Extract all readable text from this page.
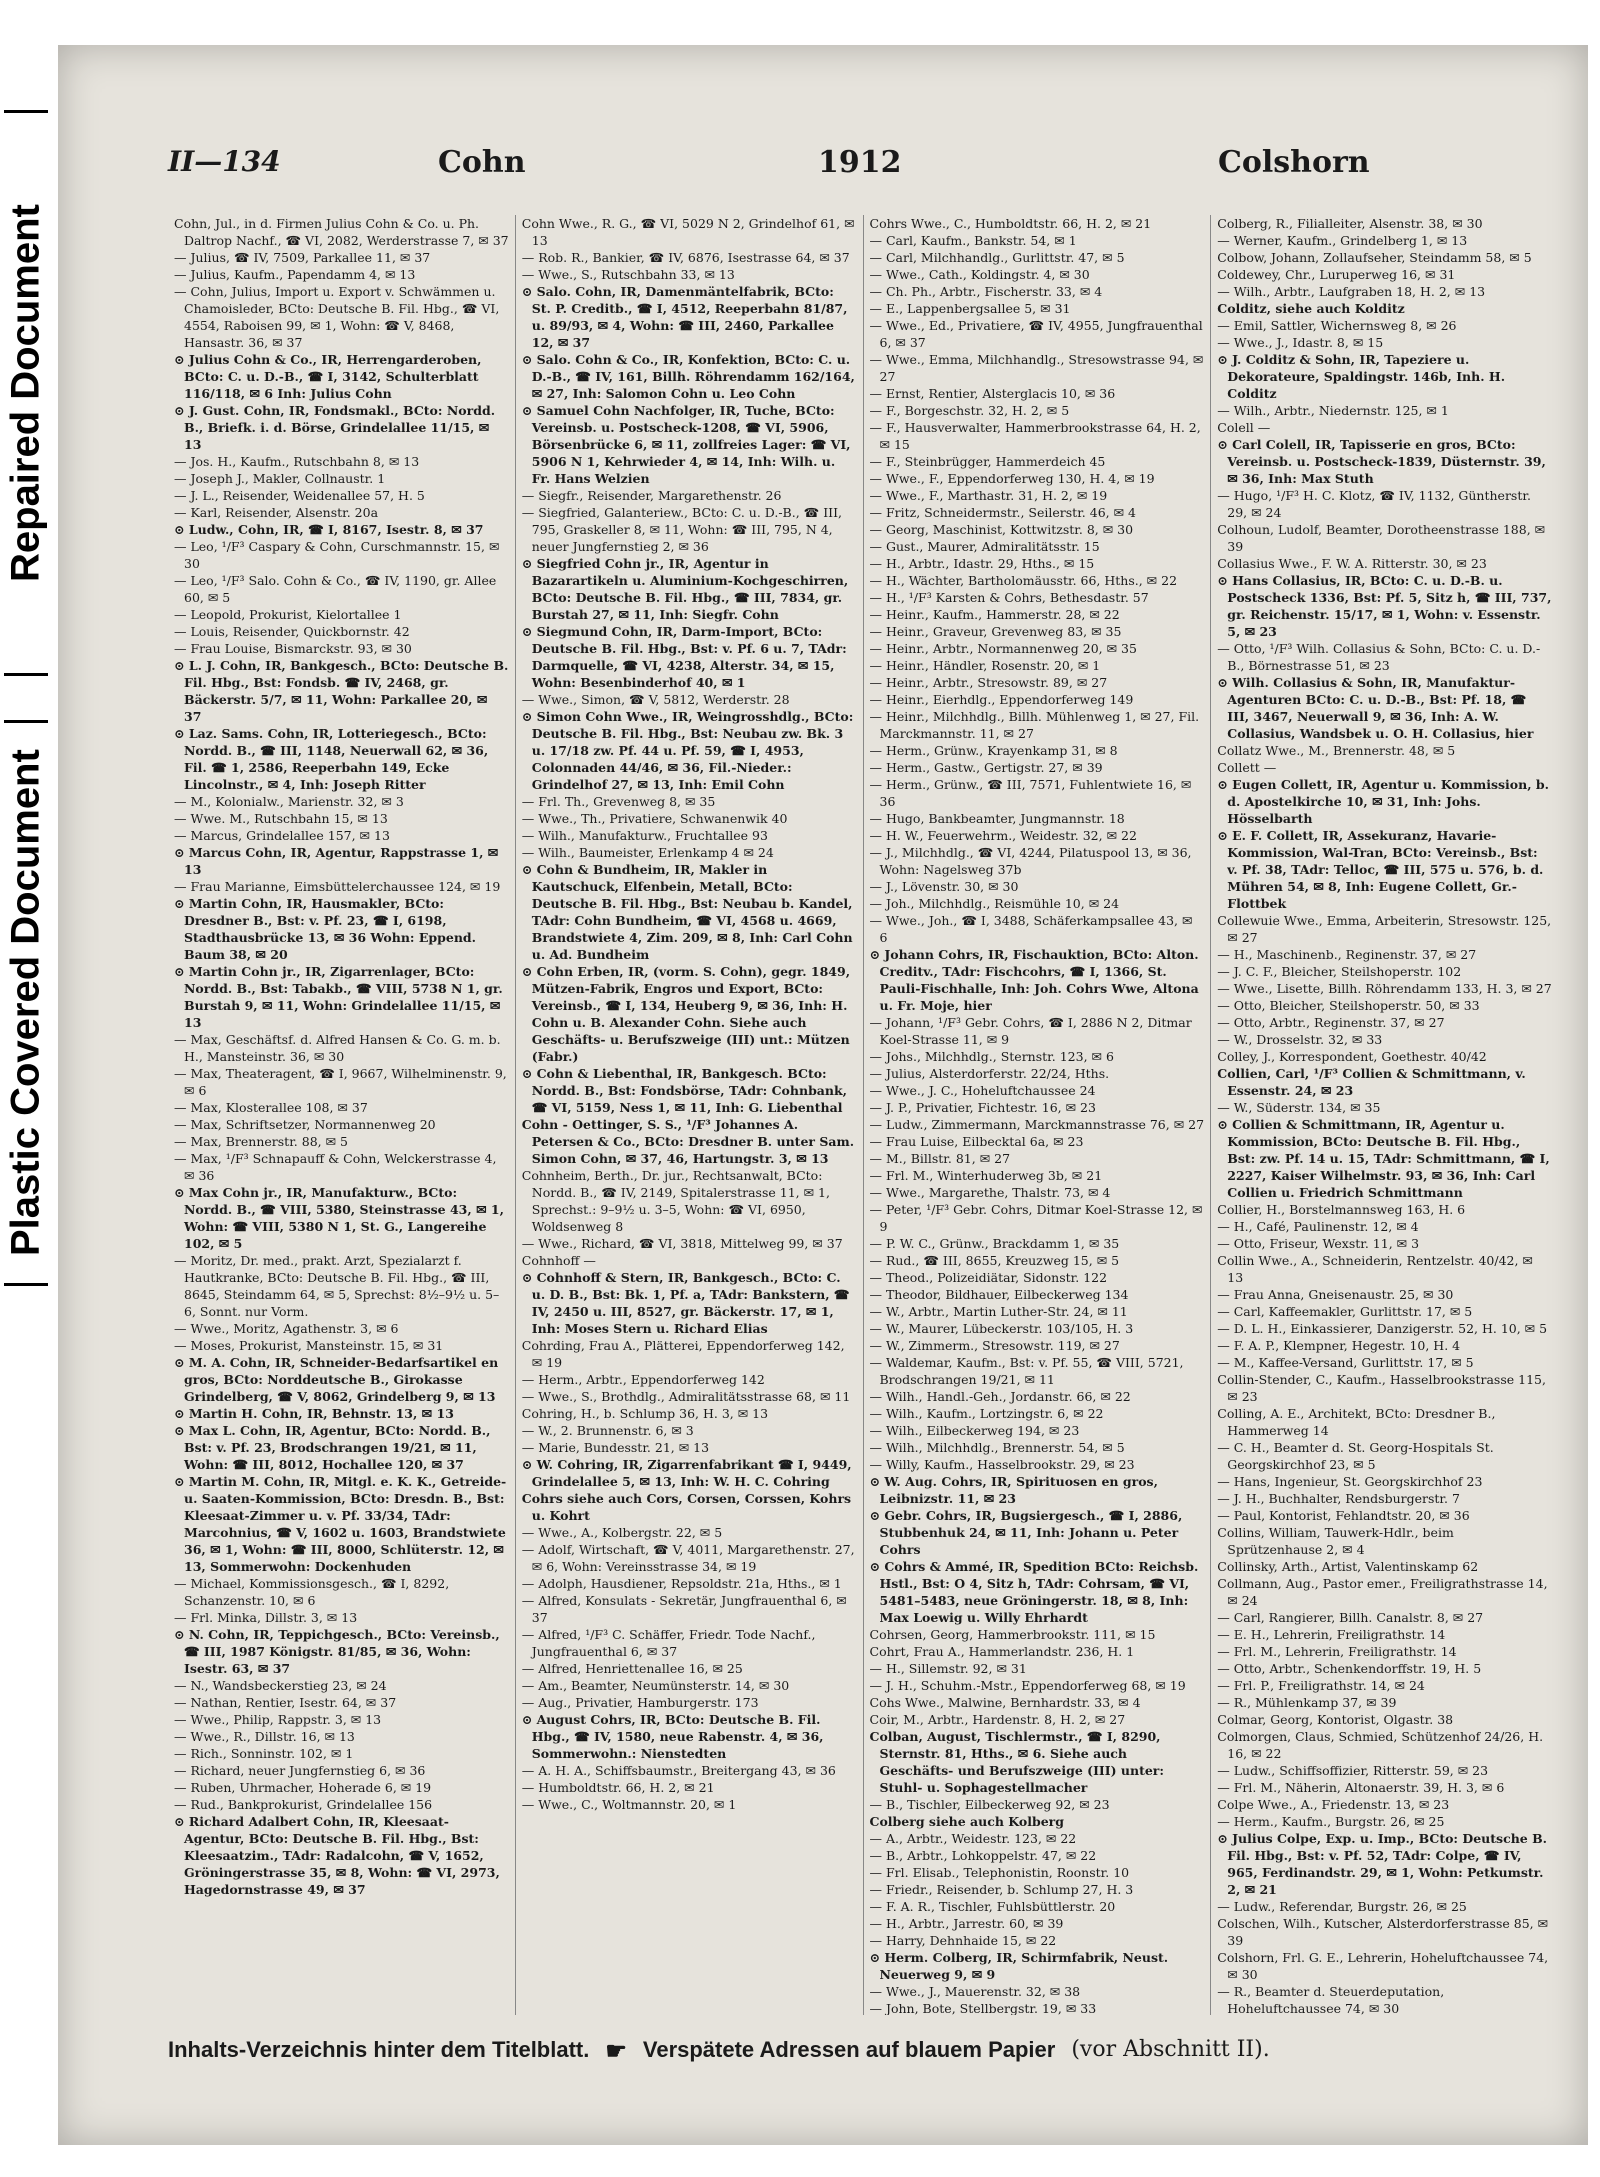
Repaired Document
Plastic Covered Document
II—134	Cohn	1912	Colshorn

Cohn, Jul., in d. Firmen Julius Cohn & Co. u. Ph. Daltrop Nachf., ☎ VI, 2082, Werderstrasse 7, ✉ 37

— Julius, ☎ IV, 7509, Parkallee 11, ✉ 37

— Julius, Kaufm., Papendamm 4, ✉ 13

— Cohn, Julius, Import u. Export v. Schwämmen u. Chamoisleder, BCto: Deutsche B. Fil. Hbg., ☎ VI, 4554, Raboisen 99, ✉ 1, Wohn: ☎ V, 8468, Hansastr. 36, ✉ 37

⊙ Julius Cohn & Co., IR, Herrengarderoben, BCto: C. u. D.-B., ☎ I, 3142, Schulterblatt 116/118, ✉ 6 Inh: Julius Cohn

⊙ J. Gust. Cohn, IR, Fondsmakl., BCto: Nordd. B., Briefk. i. d. Börse, Grindelallee 11/15, ✉ 13

— Jos. H., Kaufm., Rutschbahn 8, ✉ 13

— Joseph J., Makler, Collnaustr. 1

— J. L., Reisender, Weidenallee 57, H. 5

— Karl, Reisender, Alsenstr. 20a

⊙ Ludw., Cohn, IR, ☎ I, 8167, Isestr. 8, ✉ 37

— Leo, ¹/F³ Caspary & Cohn, Curschmannstr. 15, ✉ 30

— Leo, ¹/F³ Salo. Cohn & Co., ☎ IV, 1190, gr. Allee 60, ✉ 5

— Leopold, Prokurist, Kielortallee 1

— Louis, Reisender, Quickbornstr. 42

— Frau Louise, Bismarckstr. 93, ✉ 30

⊙ L. J. Cohn, IR, Bankgesch., BCto: Deutsche B. Fil. Hbg., Bst: Fondsb. ☎ IV, 2468, gr. Bäckerstr. 5/7, ✉ 11, Wohn: Parkallee 20, ✉ 37

⊙ Laz. Sams. Cohn, IR, Lotteriegesch., BCto: Nordd. B., ☎ III, 1148, Neuerwall 62, ✉ 36, Fil. ☎ 1, 2586, Reeperbahn 149, Ecke Lincolnstr., ✉ 4, Inh: Joseph Ritter

— M., Kolonialw., Marienstr. 32, ✉ 3

— Wwe. M., Rutschbahn 15, ✉ 13

— Marcus, Grindelallee 157, ✉ 13

⊙ Marcus Cohn, IR, Agentur, Rappstrasse 1, ✉ 13

— Frau Marianne, Eimsbüttelerchaussee 124, ✉ 19

⊙ Martin Cohn, IR, Hausmakler, BCto: Dresdner B., Bst: v. Pf. 23, ☎ I, 6198, Stadthausbrücke 13, ✉ 36 Wohn: Eppend. Baum 38, ✉ 20

⊙ Martin Cohn jr., IR, Zigarrenlager, BCto: Nordd. B., Bst: Tabakb., ☎ VIII, 5738 N 1, gr. Burstah 9, ✉ 11, Wohn: Grindelallee 11/15, ✉ 13

— Max, Geschäftsf. d. Alfred Hansen & Co. G. m. b. H., Mansteinstr. 36, ✉ 30

— Max, Theateragent, ☎ I, 9667, Wilhelminenstr. 9, ✉ 6

— Max, Klosterallee 108, ✉ 37

— Max, Schriftsetzer, Normannenweg 20

— Max, Brennerstr. 88, ✉ 5

— Max, ¹/F³ Schnapauff & Cohn, Welckerstrasse 4, ✉ 36

⊙ Max Cohn jr., IR, Manufakturw., BCto: Nordd. B., ☎ VIII, 5380, Steinstrasse 43, ✉ 1, Wohn: ☎ VIII, 5380 N 1, St. G., Langereihe 102, ✉ 5

— Moritz, Dr. med., prakt. Arzt, Spezialarzt f. Hautkranke, BCto: Deutsche B. Fil. Hbg., ☎ III, 8645, Steindamm 64, ✉ 5, Sprechst: 8½–9½ u. 5–6, Sonnt. nur Vorm.

— Wwe., Moritz, Agathenstr. 3, ✉ 6

— Moses, Prokurist, Mansteinstr. 15, ✉ 31

⊙ M. A. Cohn, IR, Schneider-Bedarfsartikel en gros, BCto: Norddeutsche B., Girokasse Grindelberg, ☎ V, 8062, Grindelberg 9, ✉ 13

⊙ Martin H. Cohn, IR, Behnstr. 13, ✉ 13

⊙ Max L. Cohn, IR, Agentur, BCto: Nordd. B., Bst: v. Pf. 23, Brodschrangen 19/21, ✉ 11, Wohn: ☎ III, 8012, Hochallee 120, ✉ 37

⊙ Martin M. Cohn, IR, Mitgl. e. K. K., Getreide- u. Saaten-Kommission, BCto: Dresdn. B., Bst: Kleesaat-Zimmer u. v. Pf. 33/34, TAdr: Marcohnius, ☎ V, 1602 u. 1603, Brandstwiete 36, ✉ 1, Wohn: ☎ III, 8000, Schlüterstr. 12, ✉ 13, Sommerwohn: Dockenhuden

— Michael, Kommissionsgesch., ☎ I, 8292, Schanzenstr. 10, ✉ 6

— Frl. Minka, Dillstr. 3, ✉ 13

⊙ N. Cohn, IR, Teppichgesch., BCto: Vereinsb., ☎ III, 1987 Königstr. 81/85, ✉ 36, Wohn: Isestr. 63, ✉ 37

— N., Wandsbeckerstieg 23, ✉ 24

— Nathan, Rentier, Isestr. 64, ✉ 37

— Wwe., Philip, Rappstr. 3, ✉ 13

— Wwe., R., Dillstr. 16, ✉ 13

— Rich., Sonninstr. 102, ✉ 1

— Richard, neuer Jungfernstieg 6, ✉ 36

— Ruben, Uhrmacher, Hoherade 6, ✉ 19

— Rud., Bankprokurist, Grindelallee 156

⊙ Richard Adalbert Cohn, IR, Kleesaat-Agentur, BCto: Deutsche B. Fil. Hbg., Bst: Kleesaatzim., TAdr: Radalcohn, ☎ V, 1652, Gröningerstrasse 35, ✉ 8, Wohn: ☎ VI, 2973, Hagedornstrasse 49, ✉ 37

Cohn Wwe., R. G., ☎ VI, 5029 N 2, Grindelhof 61, ✉ 13

— Rob. R., Bankier, ☎ IV, 6876, Isestrasse 64, ✉ 37

— Wwe., S., Rutschbahn 33, ✉ 13

⊙ Salo. Cohn, IR, Damenmäntelfabrik, BCto: St. P. Creditb., ☎ I, 4512, Reeperbahn 81/87, u. 89/93, ✉ 4, Wohn: ☎ III, 2460, Parkallee 12, ✉ 37

⊙ Salo. Cohn & Co., IR, Konfektion, BCto: C. u. D.-B., ☎ IV, 161, Billh. Röhrendamm 162/164, ✉ 27, Inh: Salomon Cohn u. Leo Cohn

⊙ Samuel Cohn Nachfolger, IR, Tuche, BCto: Vereinsb. u. Postscheck-1208, ☎ VI, 5906, Börsenbrücke 6, ✉ 11, zollfreies Lager: ☎ VI, 5906 N 1, Kehrwieder 4, ✉ 14, Inh: Wilh. u. Fr. Hans Welzien

— Siegfr., Reisender, Margarethenstr. 26

— Siegfried, Galanteriew., BCto: C. u. D.-B., ☎ III, 795, Graskeller 8, ✉ 11, Wohn: ☎ III, 795, N 4, neuer Jungfernstieg 2, ✉ 36

⊙ Siegfried Cohn jr., IR, Agentur in Bazarartikeln u. Aluminium-Kochgeschirren, BCto: Deutsche B. Fil. Hbg., ☎ III, 7834, gr. Burstah 27, ✉ 11, Inh: Siegfr. Cohn

⊙ Siegmund Cohn, IR, Darm-Import, BCto: Deutsche B. Fil. Hbg., Bst: v. Pf. 6 u. 7, TAdr: Darmquelle, ☎ VI, 4238, Alterstr. 34, ✉ 15, Wohn: Besenbinderhof 40, ✉ 1

— Wwe., Simon, ☎ V, 5812, Werderstr. 28

⊙ Simon Cohn Wwe., IR, Weingrosshdlg., BCto: Deutsche B. Fil. Hbg., Bst: Neubau zw. Bk. 3 u. 17/18 zw. Pf. 44 u. Pf. 59, ☎ I, 4953, Colonnaden 44/46, ✉ 36, Fil.-Nieder.: Grindelhof 27, ✉ 13, Inh: Emil Cohn

— Frl. Th., Grevenweg 8, ✉ 35

— Wwe., Th., Privatiere, Schwanenwik 40

— Wilh., Manufakturw., Fruchtallee 93

— Wilh., Baumeister, Erlenkamp 4 ✉ 24

⊙ Cohn & Bundheim, IR, Makler in Kautschuck, Elfenbein, Metall, BCto: Deutsche B. Fil. Hbg., Bst: Neubau b. Kandel, TAdr: Cohn Bundheim, ☎ VI, 4568 u. 4669, Brandstwiete 4, Zim. 209, ✉ 8, Inh: Carl Cohn u. Ad. Bundheim

⊙ Cohn Erben, IR, (vorm. S. Cohn), gegr. 1849, Mützen-Fabrik, Engros und Export, BCto: Vereinsb., ☎ I, 134, Heuberg 9, ✉ 36, Inh: H. Cohn u. B. Alexander Cohn. Siehe auch Geschäfts- u. Berufszweige (III) unt.: Mützen (Fabr.)

⊙ Cohn & Liebenthal, IR, Bankgesch. BCto: Nordd. B., Bst: Fondsbörse, TAdr: Cohnbank, ☎ VI, 5159, Ness 1, ✉ 11, Inh: G. Liebenthal

Cohn - Oettinger, S. S., ¹/F³ Johannes A. Petersen & Co., BCto: Dresdner B. unter Sam. Simon Cohn, ✉ 37, 46, Hartungstr. 3, ✉ 13

Cohnheim, Berth., Dr. jur., Rechtsanwalt, BCto: Nordd. B., ☎ IV, 2149, Spitalerstrasse 11, ✉ 1, Sprechst.: 9–9½ u. 3–5, Wohn: ☎ VI, 6950, Woldsenweg 8

— Wwe., Richard, ☎ VI, 3818, Mittelweg 99, ✉ 37

Cohnhoff —

⊙ Cohnhoff & Stern, IR, Bankgesch., BCto: C. u. D. B., Bst: Bk. 1, Pf. a, TAdr: Bankstern, ☎ IV, 2450 u. III, 8527, gr. Bäckerstr. 17, ✉ 1, Inh: Moses Stern u. Richard Elias

Cohrding, Frau A., Plätterei, Eppendorferweg 142, ✉ 19

— Herm., Arbtr., Eppendorferweg 142

— Wwe., S., Brothdlg., Admiralitätsstrasse 68, ✉ 11

Cohring, H., b. Schlump 36, H. 3, ✉ 13

— W., 2. Brunnenstr. 6, ✉ 3

— Marie, Bundesstr. 21, ✉ 13

⊙ W. Cohring, IR, Zigarrenfabrikant ☎ I, 9449, Grindelallee 5, ✉ 13, Inh: W. H. C. Cohring

Cohrs siehe auch Cors, Corsen, Corssen, Kohrs u. Kohrt

— Wwe., A., Kolbergstr. 22, ✉ 5

— Adolf, Wirtschaft, ☎ V, 4011, Margarethenstr. 27, ✉ 6, Wohn: Vereinsstrasse 34, ✉ 19

— Adolph, Hausdiener, Repsoldstr. 21a, Hths., ✉ 1

— Alfred, Konsulats - Sekretär, Jungfrauenthal 6, ✉ 37

— Alfred, ¹/F³ C. Schäffer, Friedr. Tode Nachf., Jungfrauenthal 6, ✉ 37

— Alfred, Henriettenallee 16, ✉ 25

— Am., Beamter, Neumünsterstr. 14, ✉ 30

— Aug., Privatier, Hamburgerstr. 173

⊙ August Cohrs, IR, BCto: Deutsche B. Fil. Hbg., ☎ IV, 1580, neue Rabenstr. 4, ✉ 36, Sommerwohn.: Nienstedten

— A. H. A., Schiffsbaumstr., Breitergang 43, ✉ 36

— Humboldtstr. 66, H. 2, ✉ 21

— Wwe., C., Woltmannstr. 20, ✉ 1

Cohrs Wwe., C., Humboldtstr. 66, H. 2, ✉ 21

— Carl, Kaufm., Bankstr. 54, ✉ 1

— Carl, Milchhandlg., Gurlittstr. 47, ✉ 5

— Wwe., Cath., Koldingstr. 4, ✉ 30

— Ch. Ph., Arbtr., Fischerstr. 33, ✉ 4

— E., Lappenbergsallee 5, ✉ 31

— Wwe., Ed., Privatiere, ☎ IV, 4955, Jungfrauenthal 6, ✉ 37

— Wwe., Emma, Milchhandlg., Stresowstrasse 94, ✉ 27

— Ernst, Rentier, Alsterglacis 10, ✉ 36

— F., Borgeschstr. 32, H. 2, ✉ 5

— F., Hausverwalter, Hammerbrookstrasse 64, H. 2, ✉ 15

— F., Steinbrügger, Hammerdeich 45

— Wwe., F., Eppendorferweg 130, H. 4, ✉ 19

— Wwe., F., Marthastr. 31, H. 2, ✉ 19

— Fritz, Schneidermstr., Seilerstr. 46, ✉ 4

— Georg, Maschinist, Kottwitzstr. 8, ✉ 30

— Gust., Maurer, Admiralitätsstr. 15

— H., Arbtr., Idastr. 29, Hths., ✉ 15

— H., Wächter, Bartholomäusstr. 66, Hths., ✉ 22

— H., ¹/F³ Karsten & Cohrs, Bethesdastr. 57

— Heinr., Kaufm., Hammerstr. 28, ✉ 22

— Heinr., Graveur, Grevenweg 83, ✉ 35

— Heinr., Arbtr., Normannenweg 20, ✉ 35

— Heinr., Händler, Rosenstr. 20, ✉ 1

— Heinr., Arbtr., Stresowstr. 89, ✉ 27

— Heinr., Eierhdlg., Eppendorferweg 149

— Heinr., Milchhdlg., Billh. Mühlenweg 1, ✉ 27, Fil. Marckmannstr. 11, ✉ 27

— Herm., Grünw., Krayenkamp 31, ✉ 8

— Herm., Gastw., Gertigstr. 27, ✉ 39

— Herm., Grünw., ☎ III, 7571, Fuhlentwiete 16, ✉ 36

— Hugo, Bankbeamter, Jungmannstr. 18

— H. W., Feuerwehrm., Weidestr. 32, ✉ 22

— J., Milchhdlg., ☎ VI, 4244, Pilatuspool 13, ✉ 36, Wohn: Nagelsweg 37b

— J., Lövenstr. 30, ✉ 30

— Joh., Milchhdlg., Reismühle 10, ✉ 24

— Wwe., Joh., ☎ I, 3488, Schäferkampsallee 43, ✉ 6

⊙ Johann Cohrs, IR, Fischauktion, BCto: Alton. Creditv., TAdr: Fischcohrs, ☎ I, 1366, St. Pauli-Fischhalle, Inh: Joh. Cohrs Wwe, Altona u. Fr. Moje, hier

— Johann, ¹/F³ Gebr. Cohrs, ☎ I, 2886 N 2, Ditmar Koel-Strasse 11, ✉ 9

— Johs., Milchhdlg., Sternstr. 123, ✉ 6

— Julius, Alsterdorferstr. 22/24, Hths.

— Wwe., J. C., Hoheluftchaussee 24

— J. P., Privatier, Fichtestr. 16, ✉ 23

— Ludw., Zimmermann, Marckmannstrasse 76, ✉ 27

— Frau Luise, Eilbecktal 6a, ✉ 23

— M., Billstr. 81, ✉ 27

— Frl. M., Winterhuderweg 3b, ✉ 21

— Wwe., Margarethe, Thalstr. 73, ✉ 4

— Peter, ¹/F³ Gebr. Cohrs, Ditmar Koel-Strasse 12, ✉ 9

— P. W. C., Grünw., Brackdamm 1, ✉ 35

— Rud., ☎ III, 8655, Kreuzweg 15, ✉ 5

— Theod., Polizeidiätar, Sidonstr. 122

— Theodor, Bildhauer, Eilbeckerweg 134

— W., Arbtr., Martin Luther-Str. 24, ✉ 11

— W., Maurer, Lübeckerstr. 103/105, H. 3

— W., Zimmerm., Stresowstr. 119, ✉ 27

— Waldemar, Kaufm., Bst: v. Pf. 55, ☎ VIII, 5721, Brodschrangen 19/21, ✉ 11

— Wilh., Handl.-Geh., Jordanstr. 66, ✉ 22

— Wilh., Kaufm., Lortzingstr. 6, ✉ 22

— Wilh., Eilbeckerweg 194, ✉ 23

— Wilh., Milchhdlg., Brennerstr. 54, ✉ 5

— Willy, Kaufm., Hasselbrookstr. 29, ✉ 23

⊙ W. Aug. Cohrs, IR, Spirituosen en gros, Leibnizstr. 11, ✉ 23

⊙ Gebr. Cohrs, IR, Bugsiergesch., ☎ I, 2886, Stubbenhuk 24, ✉ 11, Inh: Johann u. Peter Cohrs

⊙ Cohrs & Ammé, IR, Spedition BCto: Reichsb. Hstl., Bst: O 4, Sitz h, TAdr: Cohrsam, ☎ VI, 5481–5483, neue Gröningerstr. 18, ✉ 8, Inh: Max Loewig u. Willy Ehrhardt

Cohrsen, Georg, Hammerbrookstr. 111, ✉ 15

Cohrt, Frau A., Hammerlandstr. 236, H. 1

— H., Sillemstr. 92, ✉ 31

— J. H., Schuhm.-Mstr., Eppendorferweg 68, ✉ 19

Cohs Wwe., Malwine, Bernhardstr. 33, ✉ 4

Coir, M., Arbtr., Hardenstr. 8, H. 2, ✉ 27

Colban, August, Tischlermstr., ☎ I, 8290, Sternstr. 81, Hths., ✉ 6. Siehe auch Geschäfts- und Berufszweige (III) unter: Stuhl- u. Sophagestellmacher

— B., Tischler, Eilbeckerweg 92, ✉ 23

Colberg siehe auch Kolberg

— A., Arbtr., Weidestr. 123, ✉ 22

— B., Arbtr., Lohkoppelstr. 47, ✉ 22

— Frl. Elisab., Telephonistin, Roonstr. 10

— Friedr., Reisender, b. Schlump 27, H. 3

— F. A. R., Tischler, Fuhlsbüttlerstr. 20

— H., Arbtr., Jarrestr. 60, ✉ 39

— Harry, Dehnhaide 15, ✉ 22

⊙ Herm. Colberg, IR, Schirmfabrik, Neust. Neuerweg 9, ✉ 9

— Wwe., J., Mauerenstr. 32, ✉ 38

— John, Bote, Stellbergstr. 19, ✉ 33

Colberg, R., Filialleiter, Alsenstr. 38, ✉ 30

— Werner, Kaufm., Grindelberg 1, ✉ 13

Colbow, Johann, Zollaufseher, Steindamm 58, ✉ 5

Coldewey, Chr., Luruperweg 16, ✉ 31

— Wilh., Arbtr., Laufgraben 18, H. 2, ✉ 13

Colditz, siehe auch Kolditz

— Emil, Sattler, Wichernsweg 8, ✉ 26

— Wwe., J., Idastr. 8, ✉ 15

⊙ J. Colditz & Sohn, IR, Tapeziere u. Dekorateure, Spaldingstr. 146b, Inh. H. Colditz

— Wilh., Arbtr., Niedernstr. 125, ✉ 1

Colell —

⊙ Carl Colell, IR, Tapisserie en gros, BCto: Vereinsb. u. Postscheck-1839, Düsternstr. 39, ✉ 36, Inh: Max Stuth

— Hugo, ¹/F³ H. C. Klotz, ☎ IV, 1132, Güntherstr. 29, ✉ 24

Colhoun, Ludolf, Beamter, Dorotheenstrasse 188, ✉ 39

Collasius Wwe., F. W. A. Ritterstr. 30, ✉ 23

⊙ Hans Collasius, IR, BCto: C. u. D.-B. u. Postscheck 1336, Bst: Pf. 5, Sitz h, ☎ III, 737, gr. Reichenstr. 15/17, ✉ 1, Wohn: v. Essenstr. 5, ✉ 23

— Otto, ¹/F³ Wilh. Collasius & Sohn, BCto: C. u. D.-B., Börnestrasse 51, ✉ 23

⊙ Wilh. Collasius & Sohn, IR, Manufaktur-Agenturen BCto: C. u. D.-B., Bst: Pf. 18, ☎ III, 3467, Neuerwall 9, ✉ 36, Inh: A. W. Collasius, Wandsbek u. O. H. Collasius, hier

Collatz Wwe., M., Brennerstr. 48, ✉ 5

Collett —

⊙ Eugen Collett, IR, Agentur u. Kommission, b. d. Apostelkirche 10, ✉ 31, Inh: Johs. Hösselbarth

⊙ E. F. Collett, IR, Assekuranz, Havarie-Kommission, Wal-Tran, BCto: Vereinsb., Bst: v. Pf. 38, TAdr: Telloc, ☎ III, 575 u. 576, b. d. Mühren 54, ✉ 8, Inh: Eugene Collett, Gr.-Flottbek

Collewuie Wwe., Emma, Arbeiterin, Stresowstr. 125, ✉ 27

— H., Maschinenb., Reginenstr. 37, ✉ 27

— J. C. F., Bleicher, Steilshoperstr. 102

— Wwe., Lisette, Billh. Röhrendamm 133, H. 3, ✉ 27

— Otto, Bleicher, Steilshoperstr. 50, ✉ 33

— Otto, Arbtr., Reginenstr. 37, ✉ 27

— W., Drosselstr. 32, ✉ 33

Colley, J., Korrespondent, Goethestr. 40/42

Collien, Carl, ¹/F³ Collien & Schmittmann, v. Essenstr. 24, ✉ 23

— W., Süderstr. 134, ✉ 35

⊙ Collien & Schmittmann, IR, Agentur u. Kommission, BCto: Deutsche B. Fil. Hbg., Bst: zw. Pf. 14 u. 15, TAdr: Schmittmann, ☎ I, 2227, Kaiser Wilhelmstr. 93, ✉ 36, Inh: Carl Collien u. Friedrich Schmittmann

Collier, H., Borstelmannsweg 163, H. 6

— H., Café, Paulinenstr. 12, ✉ 4

— Otto, Friseur, Wexstr. 11, ✉ 3

Collin Wwe., A., Schneiderin, Rentzelstr. 40/42, ✉ 13

— Frau Anna, Gneisenaustr. 25, ✉ 30

— Carl, Kaffeemakler, Gurlittstr. 17, ✉ 5

— D. L. H., Einkassierer, Danzigerstr. 52, H. 10, ✉ 5

— F. A. P., Klempner, Hegestr. 10, H. 4

— M., Kaffee-Versand, Gurlittstr. 17, ✉ 5

Collin-Stender, C., Kaufm., Hasselbrookstrasse 115, ✉ 23

Colling, A. E., Architekt, BCto: Dresdner B., Hammerweg 14

— C. H., Beamter d. St. Georg-Hospitals St. Georgskirchhof 23, ✉ 5

— Hans, Ingenieur, St. Georgskirchhof 23

— J. H., Buchhalter, Rendsburgerstr. 7

— Paul, Kontorist, Fehlandtstr. 20, ✉ 36

Collins, William, Tauwerk-Hdlr., beim Sprützenhause 2, ✉ 4

Collinsky, Arth., Artist, Valentinskamp 62

Collmann, Aug., Pastor emer., Freiligrathstrasse 14, ✉ 24

— Carl, Rangierer, Billh. Canalstr. 8, ✉ 27

— E. H., Lehrerin, Freiligrathstr. 14

— Frl. M., Lehrerin, Freiligrathstr. 14

— Otto, Arbtr., Schenkendorffstr. 19, H. 5

— Frl. P., Freiligrathstr. 14, ✉ 24

— R., Mühlenkamp 37, ✉ 39

Colmar, Georg, Kontorist, Olgastr. 38

Colmorgen, Claus, Schmied, Schützenhof 24/26, H. 16, ✉ 22

— Ludw., Schiffsoffizier, Ritterstr. 59, ✉ 23

— Frl. M., Näherin, Altonaerstr. 39, H. 3, ✉ 6

Colpe Wwe., A., Friedenstr. 13, ✉ 23

— Herm., Kaufm., Burgstr. 26, ✉ 25

⊙ Julius Colpe, Exp. u. Imp., BCto: Deutsche B. Fil. Hbg., Bst: v. Pf. 52, TAdr: Colpe, ☎ IV, 965, Ferdinandstr. 29, ✉ 1, Wohn: Petkumstr. 2, ✉ 21

— Ludw., Referendar, Burgstr. 26, ✉ 25

Colschen, Wilh., Kutscher, Alsterdorferstrasse 85, ✉ 39

Colshorn, Frl. G. E., Lehrerin, Hoheluftchaussee 74, ✉ 30

— R., Beamter d. Steuerdeputation, Hoheluftchaussee 74, ✉ 30

Inhalts-Verzeichnis hinter dem Titelblatt. ☛ Verspätete Adressen auf blauem Papier (vor Abschnitt II).
